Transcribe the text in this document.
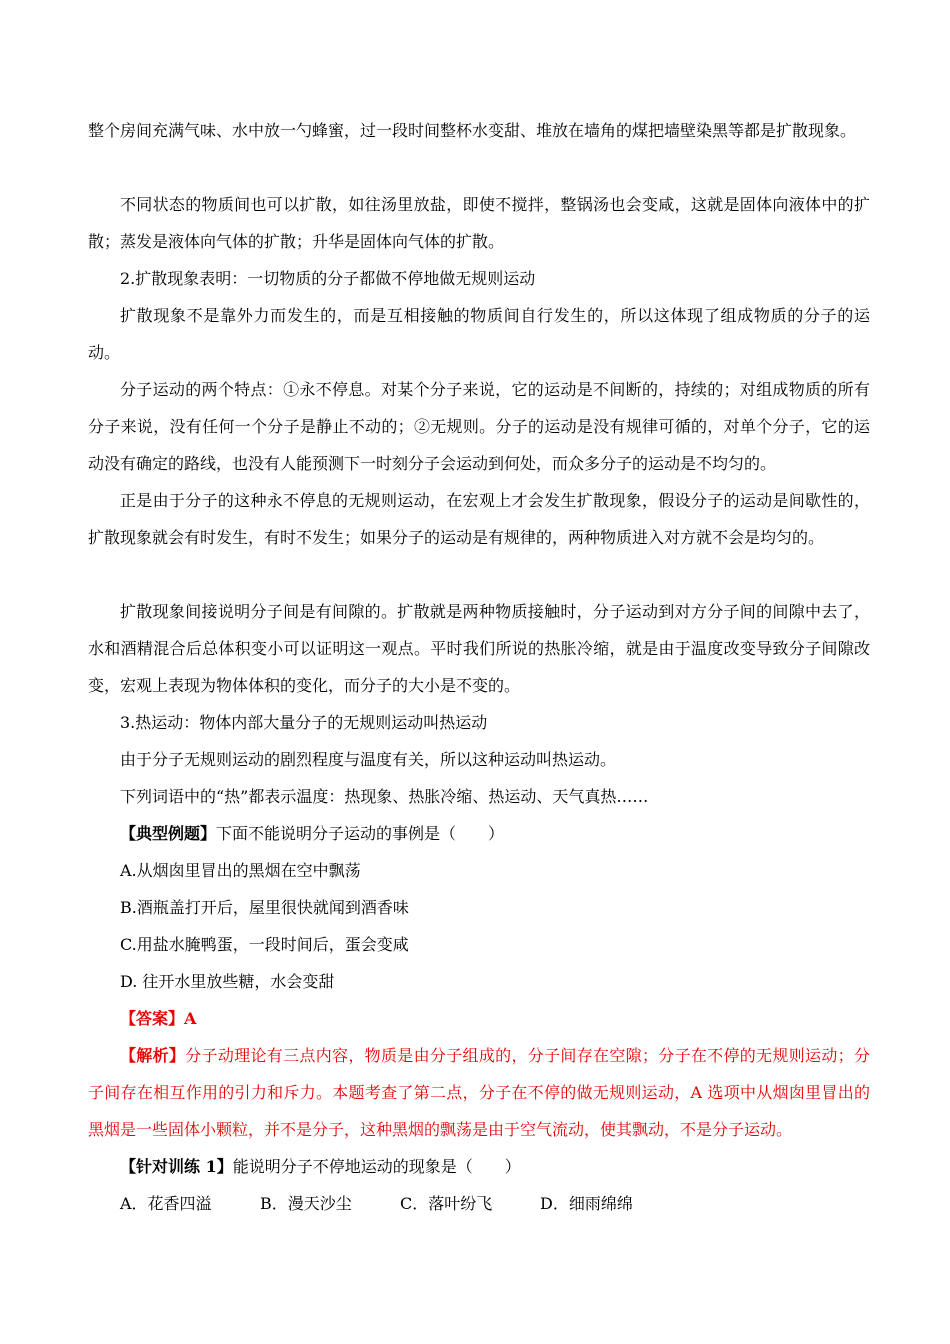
整个房间充满气味、水中放一勺蜂蜜，过一段时间整杯水变甜、堆放在墙角的煤把墙壁染黑等都是扩散现象。

不同状态的物质间也可以扩散，如往汤里放盐，即使不搅拌，整锅汤也会变咸，这就是固体向液体中的扩散；蒸发是液体向气体的扩散；升华是固体向气体的扩散。

2.扩散现象表明：一切物质的分子都做不停地做无规则运动

扩散现象不是靠外力而发生的，而是互相接触的物质间自行发生的，所以这体现了组成物质的分子的运动。

分子运动的两个特点：①永不停息。对某个分子来说，它的运动是不间断的，持续的；对组成物质的所有分子来说，没有任何一个分子是静止不动的；②无规则。分子的运动是没有规律可循的，对单个分子，它的运动没有确定的路线，也没有人能预测下一时刻分子会运动到何处，而众多分子的运动是不均匀的。

正是由于分子的这种永不停息的无规则运动，在宏观上才会发生扩散现象，假设分子的运动是间歇性的，扩散现象就会有时发生，有时不发生；如果分子的运动是有规律的，两种物质进入对方就不会是均匀的。

扩散现象间接说明分子间是有间隙的。扩散就是两种物质接触时，分子运动到对方分子间的间隙中去了，水和酒精混合后总体积变小可以证明这一观点。平时我们所说的热胀冷缩，就是由于温度改变导致分子间隙改变，宏观上表现为物体体积的变化，而分子的大小是不变的。

3.热运动：物体内部大量分子的无规则运动叫热运动

由于分子无规则运动的剧烈程度与温度有关，所以这种运动叫热运动。

下列词语中的“热”都表示温度：热现象、热胀冷缩、热运动、天气真热……

【典型例题】下面不能说明分子运动的事例是（　　）

A.从烟囱里冒出的黑烟在空中飘荡

B.酒瓶盖打开后，屋里很快就闻到酒香味

C.用盐水腌鸭蛋，一段时间后，蛋会变咸

D. 往开水里放些糖，水会变甜

【答案】A

【解析】分子动理论有三点内容，物质是由分子组成的，分子间存在空隙；分子在不停的无规则运动；分子间存在相互作用的引力和斥力。本题考查了第二点，分子在不停的做无规则运动，A 选项中从烟囱里冒出的黑烟是一些固体小颗粒，并不是分子，这种黑烟的飘荡是由于空气流动，使其飘动，不是分子运动。

【针对训练 1】能说明分子不停地运动的现象是（　　）

A．花香四溢	B．漫天沙尘	C．落叶纷飞	D．细雨绵绵
